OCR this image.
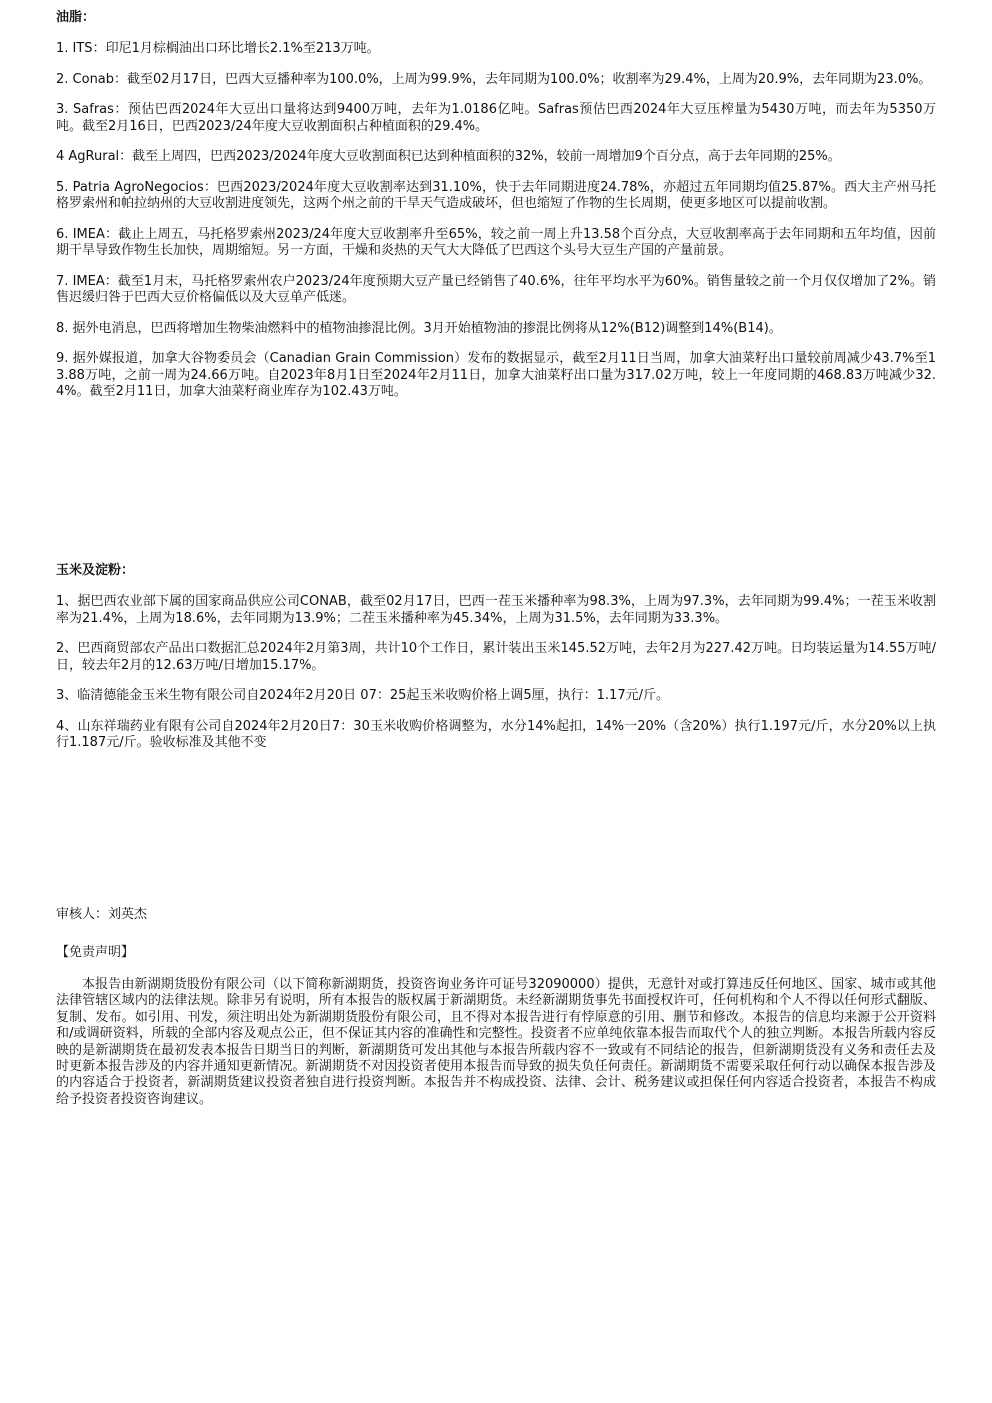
油脂：

1. ITS：印尼1月棕榈油出口环比增长2.1%至213万吨。

2. Conab：截至02月17日，巴西大豆播种率为100.0%，上周为99.9%，去年同期为100.0%；收割率为29.4%，上周为20.9%，去年同期为23.0%。

3. Safras：预估巴西2024年大豆出口量将达到9400万吨，去年为1.0186亿吨。Safras预估巴西2024年大豆压榨量为5430万吨，而去年为5350万吨。截至2月16日，巴西2023/24年度大豆收割面积占种植面积的29.4%。

4 AgRural：截至上周四，巴西2023/2024年度大豆收割面积已达到种植面积的32%，较前一周增加9个百分点，高于去年同期的25%。

5. Patria AgroNegocios：巴西2023/2024年度大豆收割率达到31.10%，快于去年同期进度24.78%，亦超过五年同期均值25.87%。西大主产州马托格罗索州和帕拉纳州的大豆收割进度领先，这两个州之前的干旱天气造成破坏，但也缩短了作物的生长周期，使更多地区可以提前收割。

6. IMEA：截止上周五，马托格罗索州2023/24年度大豆收割率升至65%，较之前一周上升13.58个百分点，大豆收割率高于去年同期和五年均值，因前期干旱导致作物生长加快，周期缩短。另一方面，干燥和炎热的天气大大降低了巴西这个头号大豆生产国的产量前景。

7. IMEA：截至1月末，马托格罗索州农户2023/24年度预期大豆产量已经销售了40.6%，往年平均水平为60%。销售量较之前一个月仅仅增加了2%。销售迟缓归咎于巴西大豆价格偏低以及大豆单产低迷。

8. 据外电消息，巴西将增加生物柴油燃料中的植物油掺混比例。3月开始植物油的掺混比例将从12%(B12)调整到14%(B14)。

9. 据外媒报道，加拿大谷物委员会（Canadian Grain Commission）发布的数据显示，截至2月11日当周，加拿大油菜籽出口量较前周减少43.7%至13.88万吨，之前一周为24.66万吨。自2023年8月1日至2024年2月11日，加拿大油菜籽出口量为317.02万吨，较上一年度同期的468.83万吨减少32.4%。截至2月11日，加拿大油菜籽商业库存为102.43万吨。

玉米及淀粉：

1、据巴西农业部下属的国家商品供应公司CONAB，截至02月17日，巴西一茬玉米播种率为98.3%，上周为97.3%，去年同期为99.4%；一茬玉米收割率为21.4%，上周为18.6%，去年同期为13.9%；二茬玉米播种率为45.34%，上周为31.5%，去年同期为33.3%。

2、巴西商贸部农产品出口数据汇总2024年2月第3周，共计10个工作日，累计装出玉米145.52万吨，去年2月为227.42万吨。日均装运量为14.55万吨/日，较去年2月的12.63万吨/日增加15.17%。

3、临清德能金玉米生物有限公司自2024年2月20日 07：25起玉米收购价格上调5厘，执行：1.17元/斤。

4、山东祥瑞药业有限有公司自2024年2月20日7：30玉米收购价格调整为，水分14%起扣，14%一20%（含20%）执行1.197元/斤，水分20%以上执行1.187元/斤。验收标准及其他不变

审核人：刘英杰

【免责声明】

本报告由新湖期货股份有限公司（以下简称新湖期货，投资咨询业务许可证号32090000）提供，无意针对或打算违反任何地区、国家、城市或其他法律管辖区域内的法律法规。除非另有说明，所有本报告的版权属于新湖期货。未经新湖期货事先书面授权许可，任何机构和个人不得以任何形式翻版、复制、发布。如引用、刊发，须注明出处为新湖期货股份有限公司，且不得对本报告进行有悖原意的引用、删节和修改。本报告的信息均来源于公开资料和/或调研资料，所载的全部内容及观点公正，但不保证其内容的准确性和完整性。投资者不应单纯依靠本报告而取代个人的独立判断。本报告所载内容反映的是新湖期货在最初发表本报告日期当日的判断，新湖期货可发出其他与本报告所载内容不一致或有不同结论的报告，但新湖期货没有义务和责任去及时更新本报告涉及的内容并通知更新情况。新湖期货不对因投资者使用本报告而导致的损失负任何责任。新湖期货不需要采取任何行动以确保本报告涉及的内容适合于投资者，新湖期货建议投资者独自进行投资判断。本报告并不构成投资、法律、会计、税务建议或担保任何内容适合投资者，本报告不构成给予投资者投资咨询建议。
